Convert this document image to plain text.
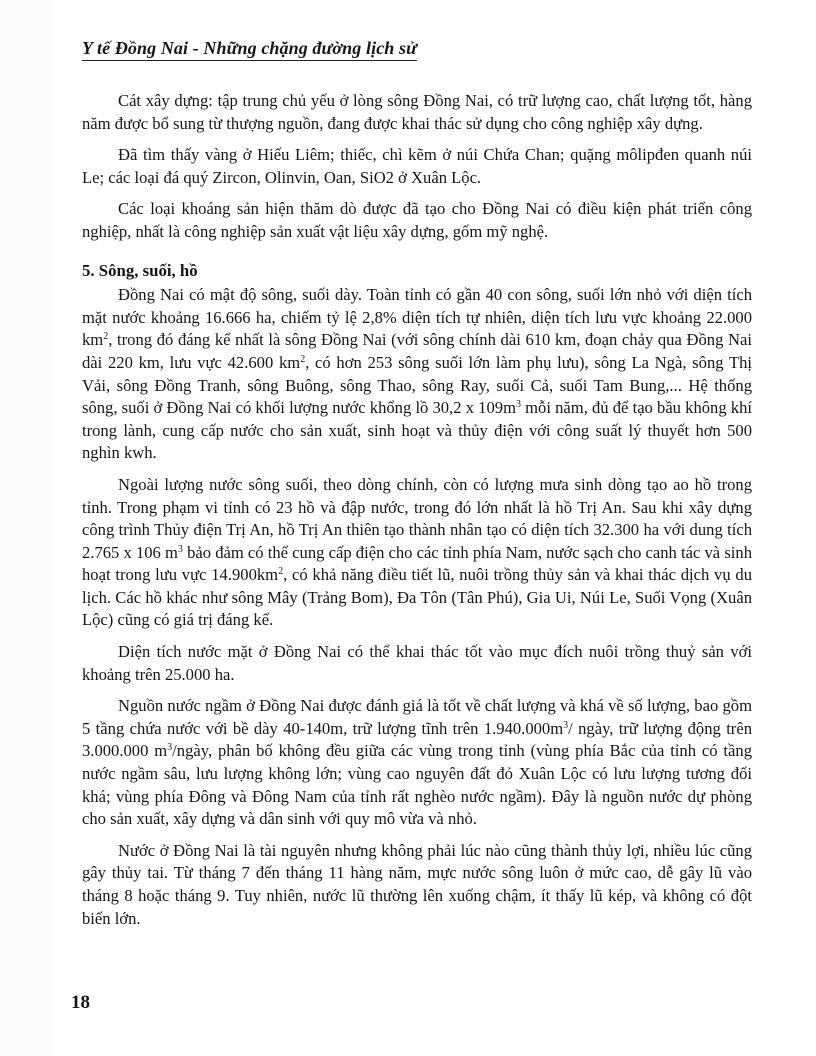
Y tế Đồng Nai - Những chặng đường lịch sử

Cát xây dựng: tập trung chủ yếu ở lòng sông Đồng Nai, có trữ lượng cao, chất lượng tốt, hàng năm được bổ sung từ thượng nguồn, đang được khai thác sử dụng cho công nghiệp xây dựng.

Đã tìm thấy vàng ở Hiếu Liêm; thiếc, chì kẽm ở núi Chứa Chan; quặng môlipđen quanh núi Le; các loại đá quý Zircon, Olinvin, Oan, SiO2 ở Xuân Lộc.

Các loại khoáng sản hiện thăm dò được đã tạo cho Đồng Nai có điều kiện phát triển công nghiệp, nhất là công nghiệp sản xuất vật liệu xây dựng, gốm mỹ nghệ.

5. Sông, suối, hồ

Đồng Nai có mật độ sông, suối dày. Toàn tỉnh có gần 40 con sông, suối lớn nhỏ với diện tích mặt nước khoảng 16.666 ha, chiếm tỷ lệ 2,8% diện tích tự nhiên, diện tích lưu vực khoảng 22.000 $km^2$, trong đó đáng kể nhất là sông Đồng Nai (với sông chính dài 610 km, đoạn chảy qua Đồng Nai dài 220 km, lưu vực 42.600 $km^2$, có hơn 253 sông suối lớn làm phụ lưu), sông La Ngà, sông Thị Vải, sông Đồng Tranh, sông Buông, sông Thao, sông Ray, suối Cả, suối Tam Bung,... Hệ thống sông, suối ở Đồng Nai có khối lượng nước khổng lồ 30,2 x $109m^3$ mỗi năm, đủ để tạo bầu không khí trong lành, cung cấp nước cho sản xuất, sinh hoạt và thủy điện với công suất lý thuyết hơn 500 nghìn kwh.

Ngoài lượng nước sông suối, theo dòng chính, còn có lượng mưa sinh dòng tạo ao hồ trong tỉnh. Trong phạm vi tỉnh có 23 hồ và đập nước, trong đó lớn nhất là hồ Trị An. Sau khi xây dựng công trình Thủy điện Trị An, hồ Trị An thiên tạo thành nhân tạo có diện tích 32.300 ha với dung tích 2.765 x 106 $m^3$ bảo đảm có thể cung cấp điện cho các tỉnh phía Nam, nước sạch cho canh tác và sinh hoạt trong lưu vực $14.900km^2$, có khả năng điều tiết lũ, nuôi trồng thủy sản và khai thác dịch vụ du lịch. Các hồ khác như sông Mây (Trảng Bom), Đa Tôn (Tân Phú), Gia Ui, Núi Le, Suối Vọng (Xuân Lộc) cũng có giá trị đáng kể.

Diện tích nước mặt ở Đồng Nai có thể khai thác tốt vào mục đích nuôi trồng thuỷ sản với khoảng trên 25.000 ha.

Nguồn nước ngầm ở Đồng Nai được đánh giá là tốt về chất lượng và khá về số lượng, bao gồm 5 tầng chứa nước với bề dày 40-140m, trữ lượng tĩnh trên $1.940.000m^3/$ ngày, trữ lượng động trên 3.000.000 $m^3$/ngày, phân bố không đều giữa các vùng trong tỉnh (vùng phía Bắc của tỉnh có tầng nước ngầm sâu, lưu lượng không lớn; vùng cao nguyên đất đỏ Xuân Lộc có lưu lượng tương đối khá; vùng phía Đông và Đông Nam của tỉnh rất nghèo nước ngầm). Đây là nguồn nước dự phòng cho sản xuất, xây dựng và dân sinh với quy mô vừa và nhỏ.

Nước ở Đồng Nai là tài nguyên nhưng không phải lúc nào cũng thành thủy lợi, nhiều lúc cũng gây thủy tai. Từ tháng 7 đến tháng 11 hàng năm, mực nước sông luôn ở mức cao, dễ gây lũ vào tháng 8 hoặc tháng 9. Tuy nhiên, nước lũ thường lên xuống chậm, ít thấy lũ kép, và không có đột biến lớn.

18
